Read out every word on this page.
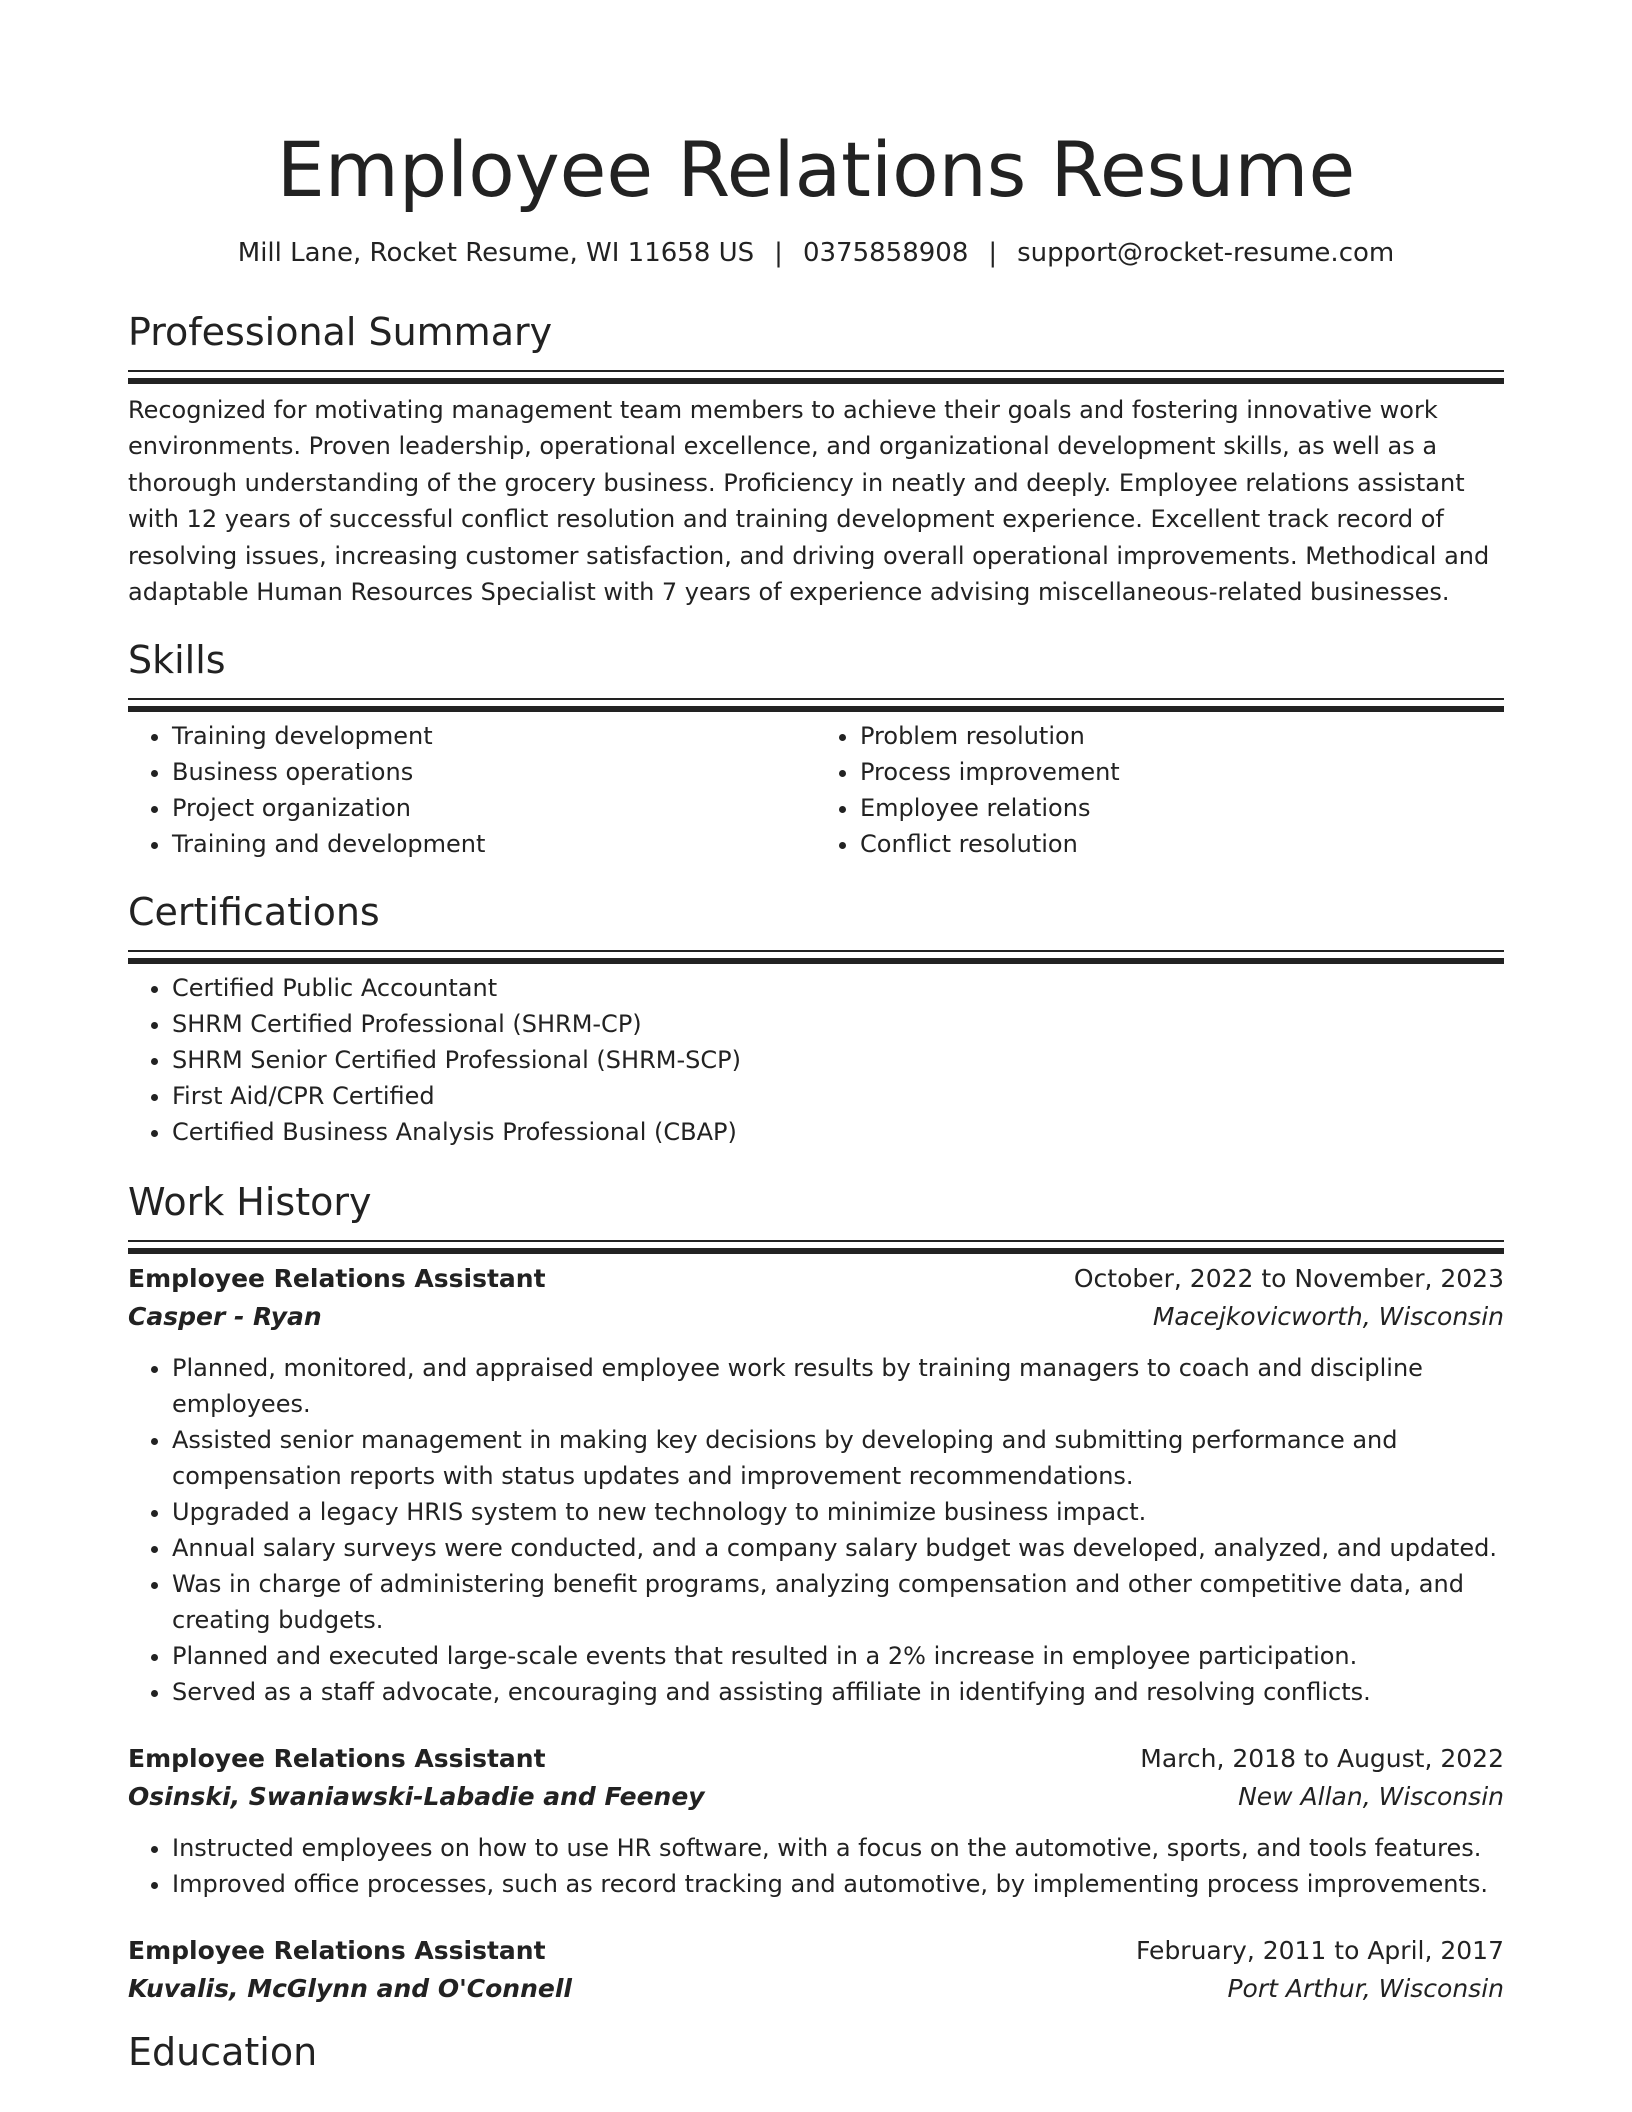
Employee Relations Resume
Mill Lane, Rocket Resume, WI 11658 US | 0375858908 | support@rocket-resume.com
Professional Summary

Recognized for motivating management team members to achieve their goals and fostering innovative work environments. Proven leadership, operational excellence, and organizational development skills, as well as a thorough understanding of the grocery business. Proficiency in neatly and deeply. Employee relations assistant with 12 years of successful conflict resolution and training development experience. Excellent track record of resolving issues, increasing customer satisfaction, and driving overall operational improvements. Methodical and adaptable Human Resources Specialist with 7 years of experience advising miscellaneous-related businesses.

Skills
• Training development
• Business operations
• Project organization
• Training and development
• Problem resolution
• Process improvement
• Employee relations
• Conflict resolution
Certifications
• Certified Public Accountant
• SHRM Certified Professional (SHRM-CP)
• SHRM Senior Certified Professional (SHRM-SCP)
• First Aid/CPR Certified
• Certified Business Analysis Professional (CBAP)
Work History
Employee Relations Assistant	October, 2022 to November, 2023
Casper - Ryan	Macejkovicworth, Wisconsin
• Planned, monitored, and appraised employee work results by training managers to coach and discipline employees.
• Assisted senior management in making key decisions by developing and submitting performance and compensation reports with status updates and improvement recommendations.
• Upgraded a legacy HRIS system to new technology to minimize business impact.
• Annual salary surveys were conducted, and a company salary budget was developed, analyzed, and updated.
• Was in charge of administering benefit programs, analyzing compensation and other competitive data, and creating budgets.
• Planned and executed large-scale events that resulted in a 2% increase in employee participation.
• Served as a staff advocate, encouraging and assisting affiliate in identifying and resolving conflicts.
Employee Relations Assistant	March, 2018 to August, 2022
Osinski, Swaniawski-Labadie and Feeney	New Allan, Wisconsin
• Instructed employees on how to use HR software, with a focus on the automotive, sports, and tools features.
• Improved office processes, such as record tracking and automotive, by implementing process improvements.
Employee Relations Assistant	February, 2011 to April, 2017
Kuvalis, McGlynn and O'Connell	Port Arthur, Wisconsin
Education
